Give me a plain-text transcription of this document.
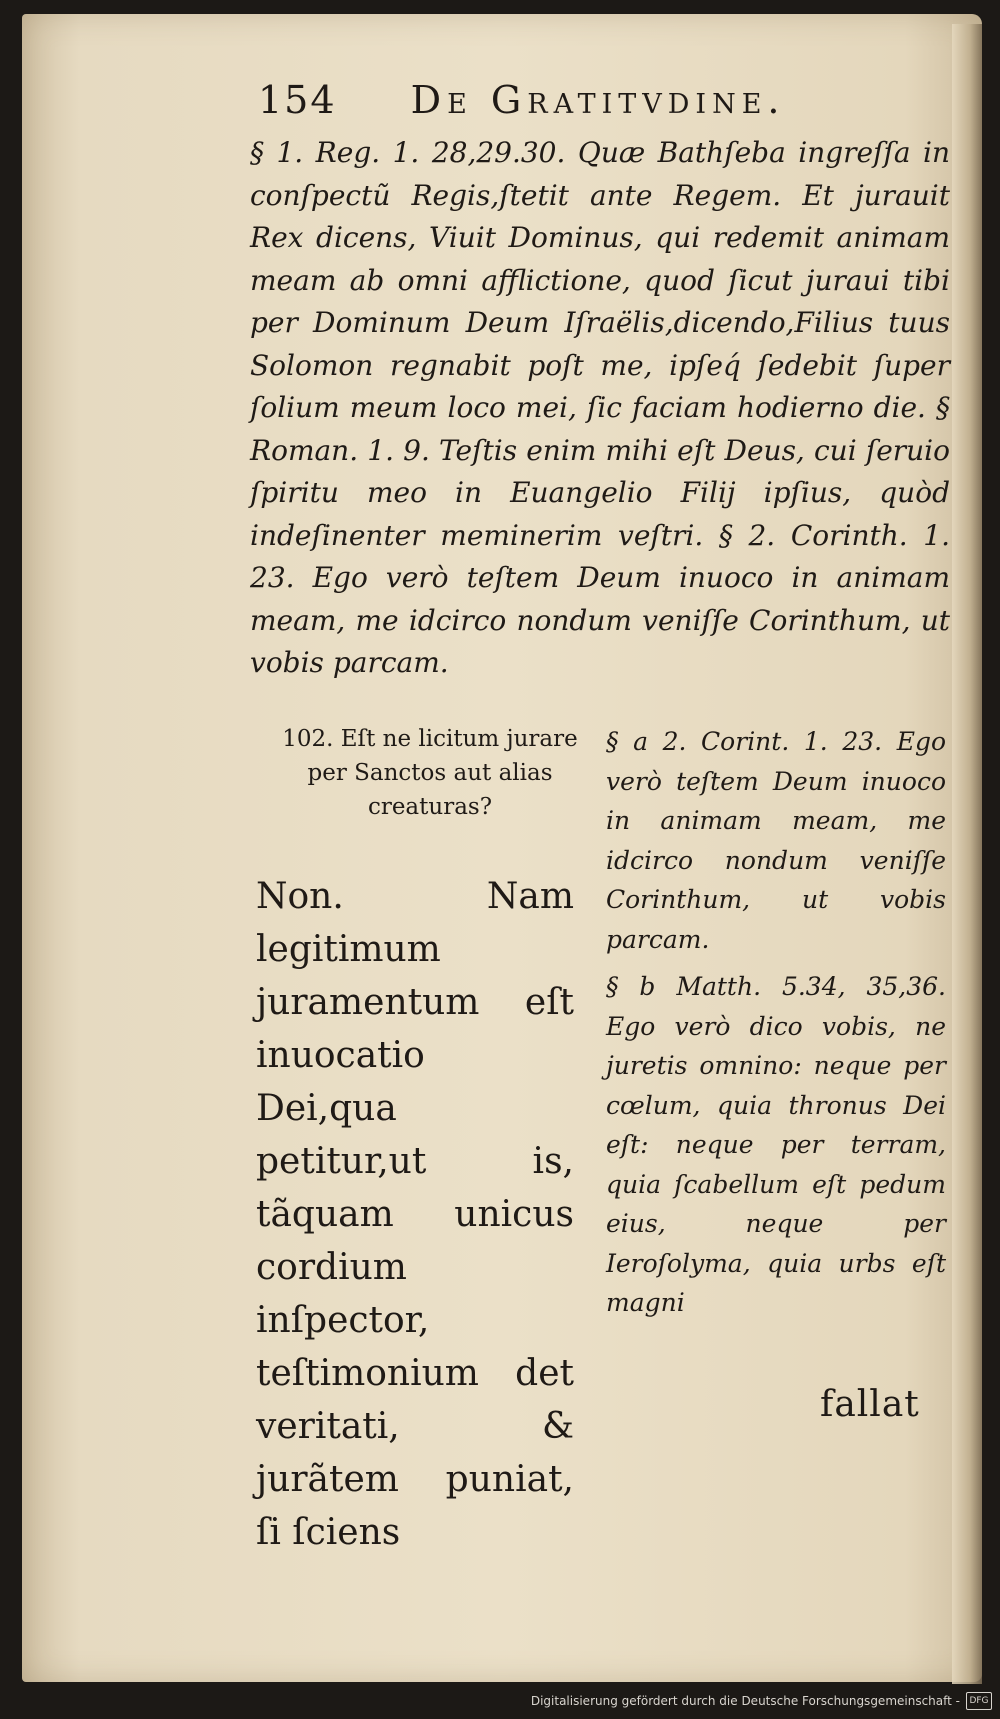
154 De Gratitvdine.

§ 1. Reg. 1. 28,29.30. Quæ Bathſeba ingreſſa in conſpectũ Regis,ſtetit ante Regem. Et jurauit Rex dicens, Viuit Dominus, qui redemit animam meam ab omni afflictione, quod ſicut juraui tibi per Dominum Deum Iſraëlis,dicendo,Filius tuus Solomon regnabit poſt me, ipſeq́ ſedebit ſuper ſolium meum loco mei, ſic faciam hodierno die. § Roman. 1. 9. Teſtis enim mihi eſt Deus, cui ſeruio ſpiritu meo in Euangelio Filij ipſius, quòd indeſinenter meminerim veſtri. § 2. Corinth. 1. 23. Ego verò teſtem Deum inuoco in animam meam, me idcirco nondum veniſſe Corinthum, ut vobis parcam.

102. Eſt ne licitum jurare per Sanctos aut alias creaturas?

Non. Nam legitimum juramentum eſt inuocatio Dei,qua petitur,ut is, tãquam unicus cordium inſpector, teſtimonium det veritati, & jurãtem puniat, ſi ſciens

§ a 2. Corint. 1. 23. Ego verò teſtem Deum inuoco in animam meam, me idcirco nondum veniſſe Corinthum, ut vobis parcam.

§ b Matth. 5.34, 35,36. Ego verò dico vobis, ne juretis omnino: neque per cœlum, quia thronus Dei eſt: neque per terram, quia ſcabellum eſt pedum eius, neque per Ieroſolyma, quia urbs eſt magni

fallat
Digitalisierung gefördert durch die Deutsche Forschungsgemeinschaft -	DFG
